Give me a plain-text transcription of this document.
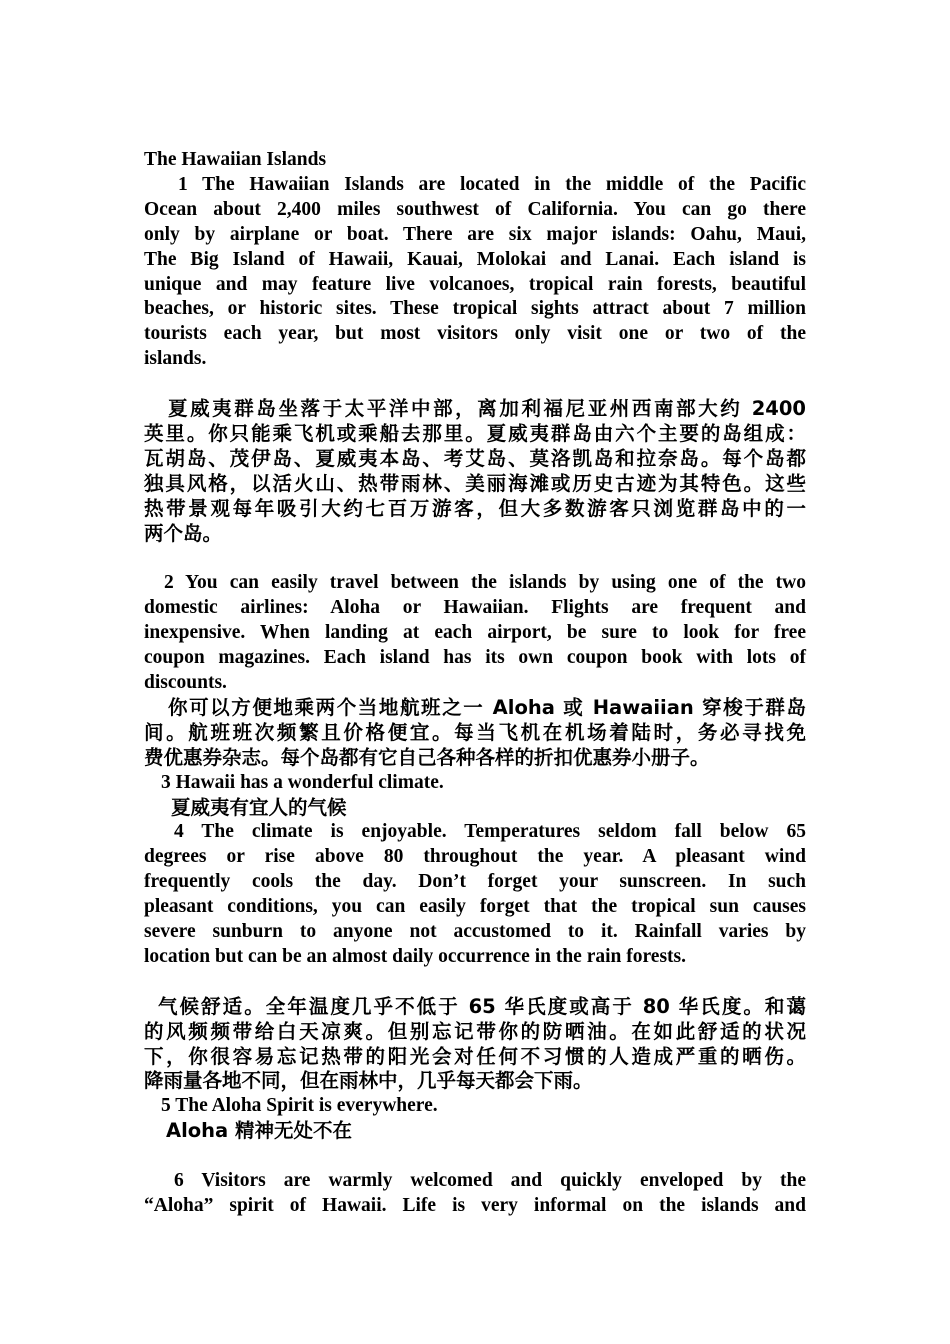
The Hawaiian Islands
1 The Hawaiian Islands are located in the middle of the Pacific
Ocean about 2,400 miles southwest of California. You can go there
only by airplane or boat. There are six major islands: Oahu, Maui,
The Big Island of Hawaii, Kauai, Molokai and Lanai. Each island is
unique and may feature live volcanoes, tropical rain forests, beautiful
beaches, or historic sites. These tropical sights attract about 7 million
tourists each year, but most visitors only visit one or two of the
islands.
夏威夷群岛坐落于太平洋中部，离加利福尼亚州西南部大约 2400
英里。你只能乘飞机或乘船去那里。夏威夷群岛由六个主要的岛组成：
瓦胡岛、茂伊岛、夏威夷本岛、考艾岛、莫洛凯岛和拉奈岛。每个岛都
独具风格，以活火山、热带雨林、美丽海滩或历史古迹为其特色。这些
热带景观每年吸引大约七百万游客，但大多数游客只浏览群岛中的一
两个岛。
2 You can easily travel between the islands by using one of the two
domestic airlines: Aloha or Hawaiian. Flights are frequent and
inexpensive. When landing at each airport, be sure to look for free
coupon magazines. Each island has its own coupon book with lots of
discounts.
你可以方便地乘两个当地航班之一 Aloha 或 Hawaiian 穿梭于群岛
间。航班班次频繁且价格便宜。每当飞机在机场着陆时，务必寻找免
费优惠券杂志。每个岛都有它自己各种各样的折扣优惠券小册子。
3 Hawaii has a wonderful climate.
夏威夷有宜人的气候
4 The climate is enjoyable. Temperatures seldom fall below 65
degrees or rise above 80 throughout the year. A pleasant wind
frequently cools the day. Don’t forget your sunscreen. In such
pleasant conditions, you can easily forget that the tropical sun causes
severe sunburn to anyone not accustomed to it. Rainfall varies by
location but can be an almost daily occurrence in the rain forests.
气候舒适。全年温度几乎不低于 65 华氏度或高于 80 华氏度。和蔼
的风频频带给白天凉爽。但别忘记带你的防晒油。在如此舒适的状况
下，你很容易忘记热带的阳光会对任何不习惯的人造成严重的晒伤。
降雨量各地不同，但在雨林中，几乎每天都会下雨。
5 The Aloha Spirit is everywhere.
Aloha 精神无处不在
6 Visitors are warmly welcomed and quickly enveloped by the
“Aloha” spirit of Hawaii. Life is very informal on the islands and
